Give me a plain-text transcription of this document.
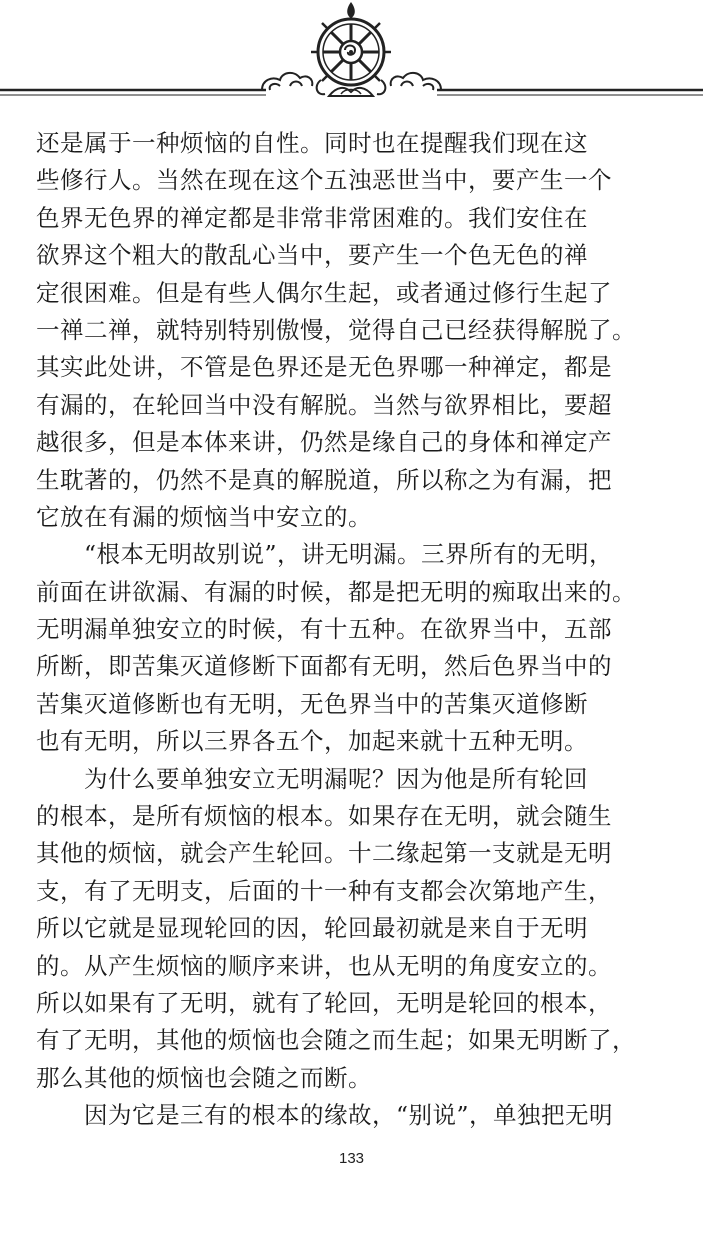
还是属于一种烦恼的自性。同时也在提醒我们现在这
些修行人。当然在现在这个五浊恶世当中，要产生一个
色界无色界的禅定都是非常非常困难的。我们安住在
欲界这个粗大的散乱心当中，要产生一个色无色的禅
定很困难。但是有些人偶尔生起，或者通过修行生起了
一禅二禅，就特别特别傲慢，觉得自己已经获得解脱了。
其实此处讲，不管是色界还是无色界哪一种禅定，都是
有漏的，在轮回当中没有解脱。当然与欲界相比，要超
越很多，但是本体来讲，仍然是缘自己的身体和禅定产
生耽著的，仍然不是真的解脱道，所以称之为有漏，把
它放在有漏的烦恼当中安立的。
“根本无明故别说”，讲无明漏。三界所有的无明，
前面在讲欲漏、有漏的时候，都是把无明的痴取出来的。
无明漏单独安立的时候，有十五种。在欲界当中，五部
所断，即苦集灭道修断下面都有无明，然后色界当中的
苦集灭道修断也有无明，无色界当中的苦集灭道修断
也有无明，所以三界各五个，加起来就十五种无明。
为什么要单独安立无明漏呢？因为他是所有轮回
的根本，是所有烦恼的根本。如果存在无明，就会随生
其他的烦恼，就会产生轮回。十二缘起第一支就是无明
支，有了无明支，后面的十一种有支都会次第地产生，
所以它就是显现轮回的因，轮回最初就是来自于无明
的。从产生烦恼的顺序来讲，也从无明的角度安立的。
所以如果有了无明，就有了轮回，无明是轮回的根本，
有了无明，其他的烦恼也会随之而生起；如果无明断了，
那么其他的烦恼也会随之而断。
因为它是三有的根本的缘故，“别说”，单独把无明
133
